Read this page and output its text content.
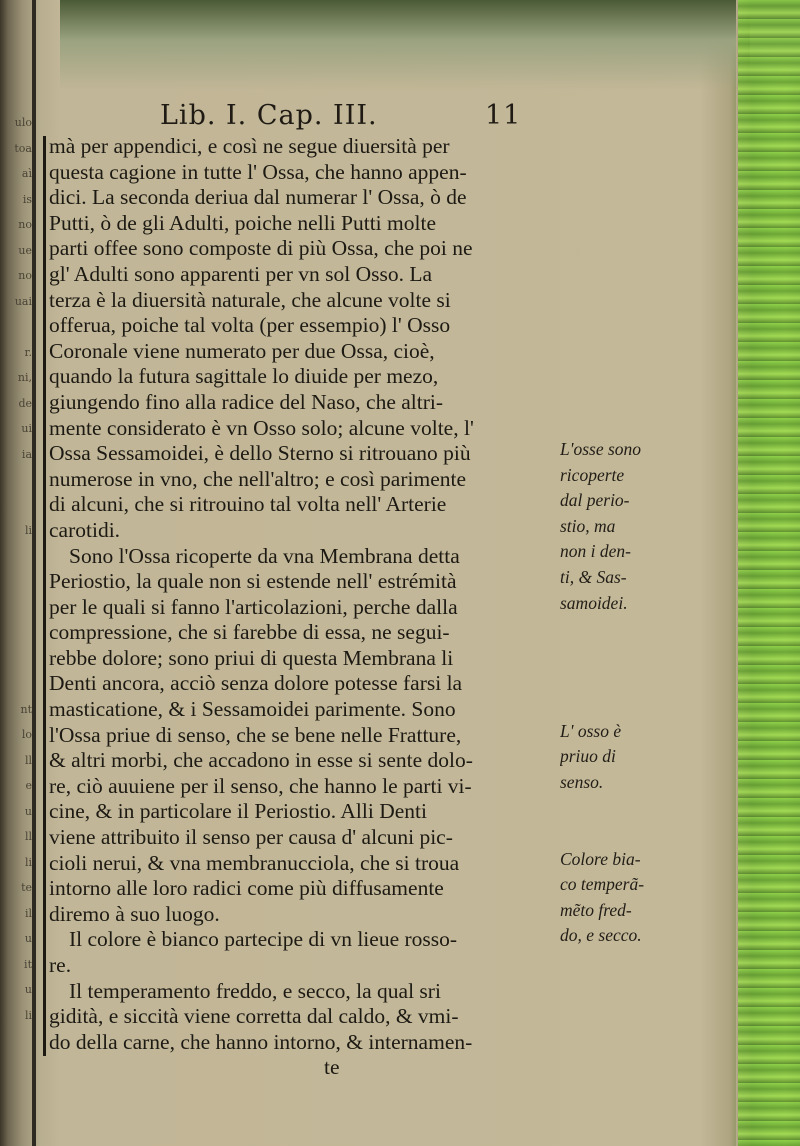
ulo
toa
aì
is
no
ue
no
uai
r.
ni,
de
ui
ia
li
nt
lo
ll
e
u
ll
li
te
il
u
it
u
li
Lib. I. Cap. III.	11
mà per appendici, e così ne segue diuersità per
questa cagione in tutte l' Ossa, che hanno appen-
dici. La seconda deriua dal numerar l' Ossa, ò de
Putti, ò de gli Adulti, poiche nelli Putti molte
parti offee sono composte di più Ossa, che poi ne
gl' Adulti sono apparenti per vn sol Osso. La
terza è la diuersità naturale, che alcune volte si
offerua, poiche tal volta (per essempio) l' Osso
Coronale viene numerato per due Ossa, cioè,
quando la futura sagittale lo diuide per mezo,
giungendo fino alla radice del Naso, che altri-
mente considerato è vn Osso solo; alcune volte, l'
Ossa Sessamoidei, è dello Sterno si ritrouano più
numerose in vno, che nell'altro; e così parimente
di alcuni, che si ritrouino tal volta nell' Arterie
carotidi.
Sono l'Ossa ricoperte da vna Membrana detta
Periostio, la quale non si estende nell' estrémità
per le quali si fanno l'articolazioni, perche dalla
compressione, che si farebbe di essa, ne segui-
rebbe dolore; sono priui di questa Membrana li
Denti ancora, acciò senza dolore potesse farsi la
masticatione, & i Sessamoidei parimente. Sono
l'Ossa priue di senso, che se bene nelle Fratture,
& altri morbi, che accadono in esse si sente dolo-
re, ciò auuiene per il senso, che hanno le parti vi-
cine, & in particolare il Periostio. Alli Denti
viene attribuito il senso per causa d' alcuni pic-
cioli nerui, & vna membranucciola, che si troua
intorno alle loro radici come più diffusamente
diremo à suo luogo.
Il colore è bianco partecipe di vn lieue rosso-
re.
Il temperamento freddo, e secco, la qual sri
gidità, e siccità viene corretta dal caldo, & vmi-
do della carne, che hanno intorno, & internamen-
te
L'osse sono
ricoperte
dal perio-
stio, ma
non i den-
ti, & Sas-
samoidei.
L' osso è
priuo di
senso.
Colore bia-
co temperã-
mẽto fred-
do, e secco.
